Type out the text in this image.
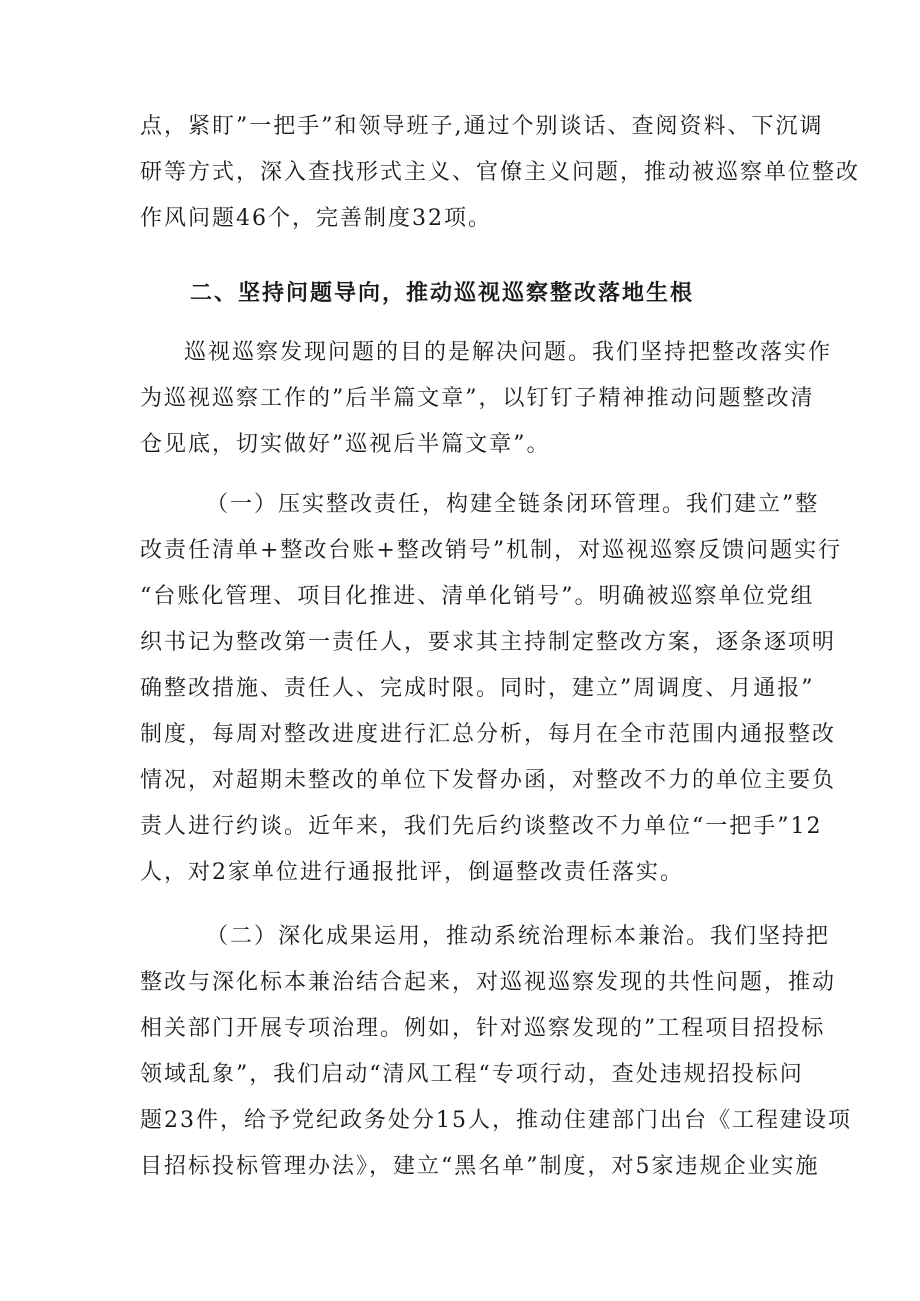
点，紧盯”一把手”和领导班子,通过个别谈话、查阅资料、下沉调
研等方式，深入查找形式主义、官僚主义问题，推动被巡察单位整改
作风问题46个，完善制度32项。
二、坚持问题导向，推动巡视巡察整改落地生根
巡视巡察发现问题的目的是解决问题。我们坚持把整改落实作
为巡视巡察工作的”后半篇文章”，以钉钉子精神推动问题整改清
仓见底，切实做好”巡视后半篇文章”。
（一）压实整改责任，构建全链条闭环管理。我们建立”整
改责任清单+整改台账+整改销号”机制，对巡视巡察反馈问题实行
“台账化管理、项目化推进、清单化销号”。明确被巡察单位党组
织书记为整改第一责任人，要求其主持制定整改方案，逐条逐项明
确整改措施、责任人、完成时限。同时，建立”周调度、月通报”
制度，每周对整改进度进行汇总分析，每月在全市范围内通报整改
情况，对超期未整改的单位下发督办函，对整改不力的单位主要负
责人进行约谈。近年来，我们先后约谈整改不力单位“一把手”12
人，对2家单位进行通报批评，倒逼整改责任落实。
（二）深化成果运用，推动系统治理标本兼治。我们坚持把
整改与深化标本兼治结合起来，对巡视巡察发现的共性问题，推动
相关部门开展专项治理。例如，针对巡察发现的”工程项目招投标
领域乱象”，我们启动“清风工程“专项行动，查处违规招投标问
题23件，给予党纪政务处分15人，推动住建部门出台《工程建设项
目招标投标管理办法》，建立“黑名单”制度，对5家违规企业实施
